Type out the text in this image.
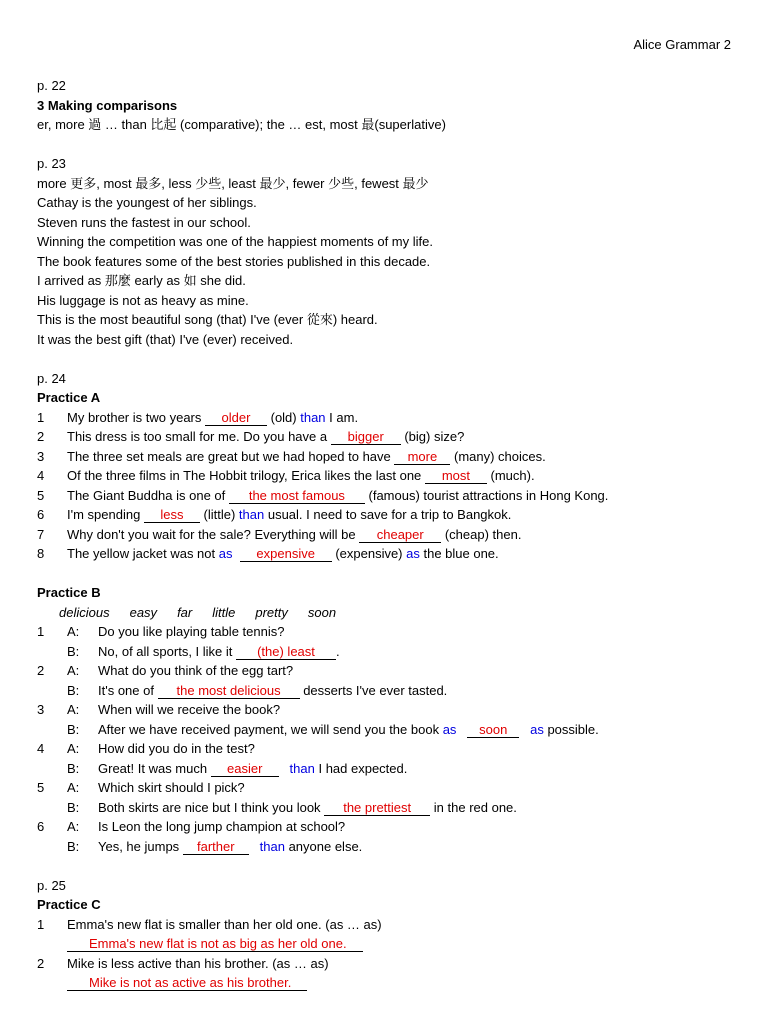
Alice Grammar 2
p. 22
3 Making comparisons
er, more 過 … than 比起 (comparative); the … est, most 最(superlative)
p. 23
more 更多, most 最多, less 少些, least 最少, fewer 少些, fewest 最少
Cathay is the youngest of her siblings.
Steven runs the fastest in our school.
Winning the competition was one of the happiest moments of my life.
The book features some of the best stories published in this decade.
I arrived as 那麼 early as 如 she did.
His luggage is not as heavy as mine.
This is the most beautiful song (that) I've (ever 從來) heard.
It was the best gift (that) I've (ever) received.
p. 24
Practice A
1 My brother is two years older (old) than I am.
2 This dress is too small for me. Do you have a bigger (big) size?
3 The three set meals are great but we had hoped to have more (many) choices.
4 Of the three films in The Hobbit trilogy, Erica likes the last one most (much).
5 The Giant Buddha is one of the most famous (famous) tourist attractions in Hong Kong.
6 I'm spending less (little) than usual. I need to save for a trip to Bangkok.
7 Why don't you wait for the sale? Everything will be cheaper (cheap) then.
8 The yellow jacket was not as expensive (expensive) as the blue one.
Practice B
delicious easy far little pretty soon
1 A: Do you like playing table tennis?
B: No, of all sports, I like it (the) least .
2 A: What do you think of the egg tart?
B: It's one of the most delicious desserts I've ever tasted.
3 A: When will we receive the book?
B: After we have received payment, we will send you the book as soon as possible.
4 A: How did you do in the test?
B: Great! It was much easier than I had expected.
5 A: Which skirt should I pick?
B: Both skirts are nice but I think you look the prettiest in the red one.
6 A: Is Leon the long jump champion at school?
B: Yes, he jumps farther than anyone else.
p. 25
Practice C
1 Emma's new flat is smaller than her old one. (as … as)
Emma's new flat is not as big as her old one.
2 Mike is less active than his brother. (as … as)
Mike is not as active as his brother.
